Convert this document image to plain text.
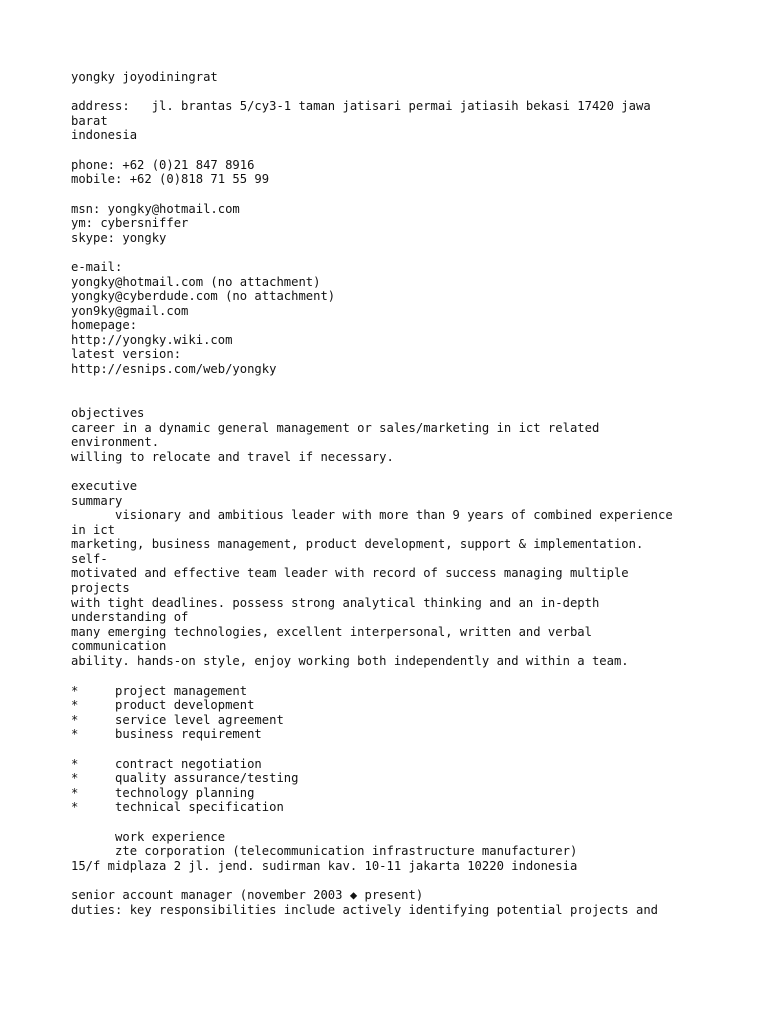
yongky joyodiningrat
address:   jl. brantas 5/cy3-1 taman jatisari permai jatiasih bekasi 17420 jawa
barat
indonesia
phone: +62 (0)21 847 8916
mobile: +62 (0)818 71 55 99
msn: yongky@hotmail.com
ym: cybersniffer
skype: yongky
e-mail:
yongky@hotmail.com (no attachment)
yongky@cyberdude.com (no attachment)
yon9ky@gmail.com
homepage:
http://yongky.wiki.com
latest version:
http://esnips.com/web/yongky
objectives
career in a dynamic general management or sales/marketing in ict related
environment.
willing to relocate and travel if necessary.
executive
summary
visionary and ambitious leader with more than 9 years of combined experience
in ict
marketing, business management, product development, support & implementation.
self-
motivated and effective team leader with record of success managing multiple
projects
with tight deadlines. possess strong analytical thinking and an in-depth
understanding of
many emerging technologies, excellent interpersonal, written and verbal
communication
ability. hands-on style, enjoy working both independently and within a team.
*     project management
*     product development
*     service level agreement
*     business requirement
*     contract negotiation
*     quality assurance/testing
*     technology planning
*     technical specification
work experience
zte corporation (telecommunication infrastructure manufacturer)
15/f midplaza 2 jl. jend. sudirman kav. 10-11 jakarta 10220 indonesia
senior account manager (november 2003 ◆ present)
duties: key responsibilities include actively identifying potential projects and
